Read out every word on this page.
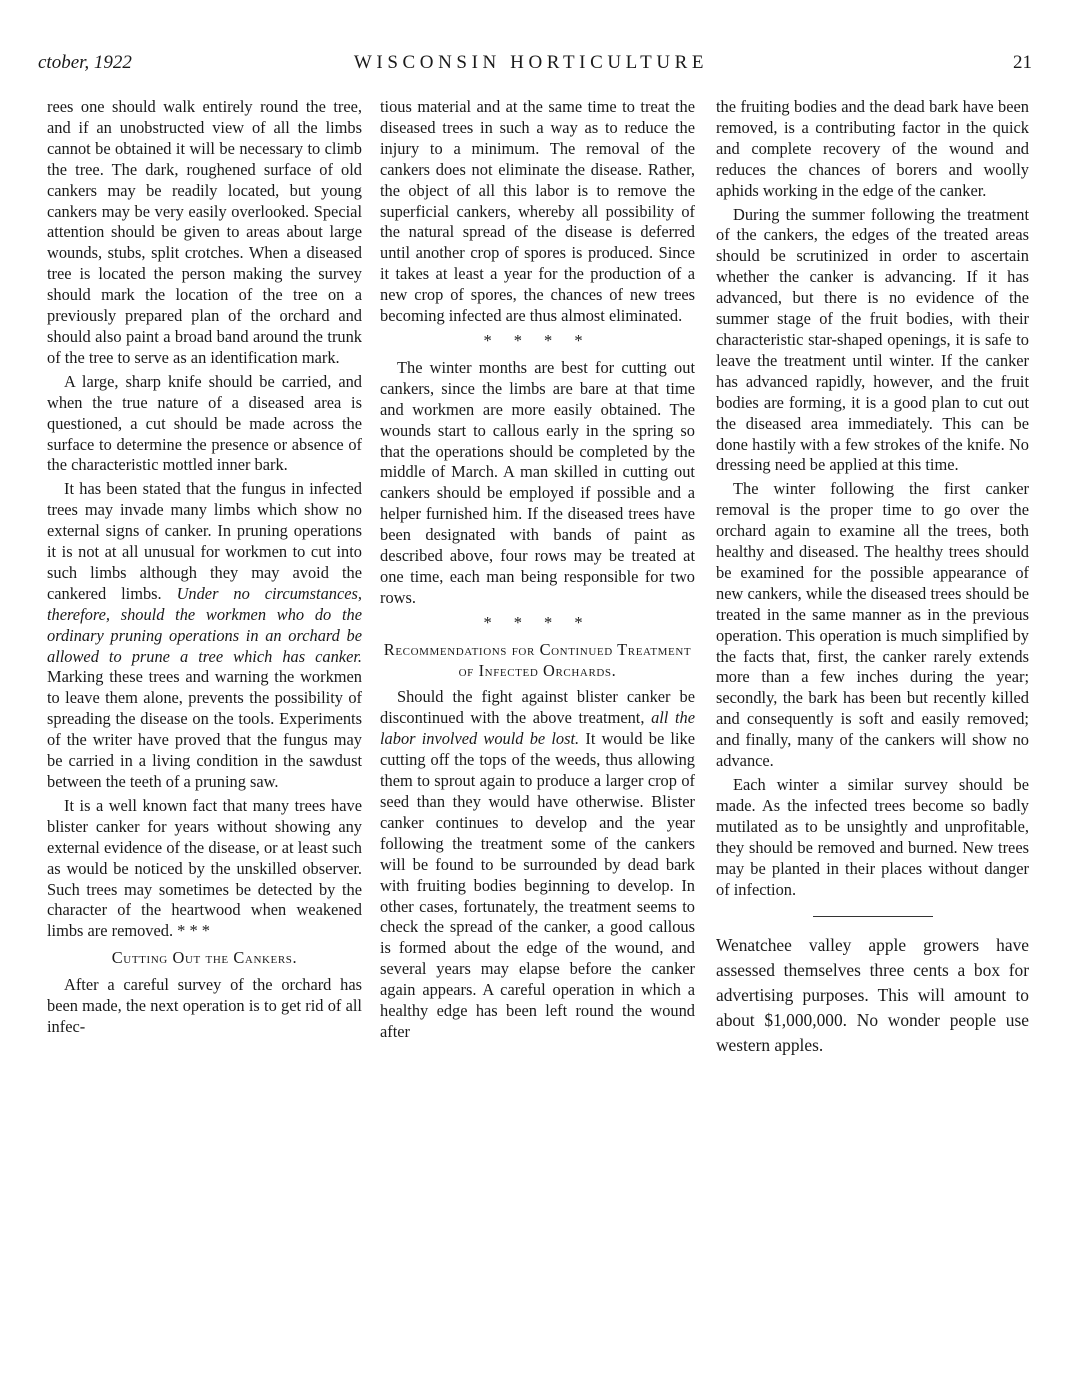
ctober, 1922	WISCONSIN HORTICULTURE	21

rees one should walk entirely round the tree, and if an unobstructed view of all the limbs cannot be obtained it will be necessary to climb the tree. The dark, roughened surface of old cankers may be readily located, but young cankers may be very easily overlooked. Special attention should be given to areas about large wounds, stubs, split crotches. When a diseased tree is located the person making the survey should mark the location of the tree on a previously prepared plan of the orchard and should also paint a broad band around the trunk of the tree to serve as an identification mark.

A large, sharp knife should be carried, and when the true nature of a diseased area is questioned, a cut should be made across the surface to determine the presence or absence of the characteristic mottled inner bark.

It has been stated that the fungus in infected trees may invade many limbs which show no external signs of canker. In pruning operations it is not at all unusual for workmen to cut into such limbs although they may avoid the cankered limbs. Under no circumstances, therefore, should the workmen who do the ordinary pruning operations in an orchard be allowed to prune a tree which has canker. Marking these trees and warning the workmen to leave them alone, prevents the possibility of spreading the disease on the tools. Experiments of the writer have proved that the fungus may be carried in a living condition in the sawdust between the teeth of a pruning saw.

It is a well known fact that many trees have blister canker for years without showing any external evidence of the disease, or at least such as would be noticed by the unskilled observer. Such trees may sometimes be detected by the character of the heartwood when weakened limbs are removed. * * *

Cutting Out the Cankers.

After a careful survey of the orchard has been made, the next operation is to get rid of all infec-

tious material and at the same time to treat the diseased trees in such a way as to reduce the injury to a minimum. The removal of the cankers does not eliminate the disease. Rather, the object of all this labor is to remove the superficial cankers, whereby all possibility of the natural spread of the disease is deferred until another crop of spores is produced. Since it takes at least a year for the production of a new crop of spores, the chances of new trees becoming infected are thus almost eliminated.

* * * *

The winter months are best for cutting out cankers, since the limbs are bare at that time and workmen are more easily obtained. The wounds start to callous early in the spring so that the operations should be completed by the middle of March. A man skilled in cutting out cankers should be employed if possible and a helper furnished him. If the diseased trees have been designated with bands of paint as described above, four rows may be treated at one time, each man being responsible for two rows.

* * * *
Recommendations for Continued Treatment of Infected Orchards.

Should the fight against blister canker be discontinued with the above treatment, all the labor involved would be lost. It would be like cutting off the tops of the weeds, thus allowing them to sprout again to produce a larger crop of seed than they would have otherwise. Blister canker continues to develop and the year following the treatment some of the cankers will be found to be surrounded by dead bark with fruiting bodies beginning to develop. In other cases, fortunately, the treatment seems to check the spread of the canker, a good callous is formed about the edge of the wound, and several years may elapse before the canker again appears. A careful operation in which a healthy edge has been left round the wound after

the fruiting bodies and the dead bark have been removed, is a contributing factor in the quick and complete recovery of the wound and reduces the chances of borers and woolly aphids working in the edge of the canker.

During the summer following the treatment of the cankers, the edges of the treated areas should be scrutinized in order to ascertain whether the canker is advancing. If it has advanced, but there is no evidence of the summer stage of the fruit bodies, with their characteristic star-shaped openings, it is safe to leave the treatment until winter. If the canker has advanced rapidly, however, and the fruit bodies are forming, it is a good plan to cut out the diseased area immediately. This can be done hastily with a few strokes of the knife. No dressing need be applied at this time.

The winter following the first canker removal is the proper time to go over the orchard again to examine all the trees, both healthy and diseased. The healthy trees should be examined for the possible appearance of new cankers, while the diseased trees should be treated in the same manner as in the previous operation. This operation is much simplified by the facts that, first, the canker rarely extends more than a few inches during the year; secondly, the bark has been but recently killed and consequently is soft and easily removed; and finally, many of the cankers will show no advance.

Each winter a similar survey should be made. As the infected trees become so badly mutilated as to be unsightly and unprofitable, they should be removed and burned. New trees may be planted in their places without danger of infection.

Wenatchee valley apple growers have assessed themselves three cents a box for advertising purposes. This will amount to about $1,000,000. No wonder people use western apples.
